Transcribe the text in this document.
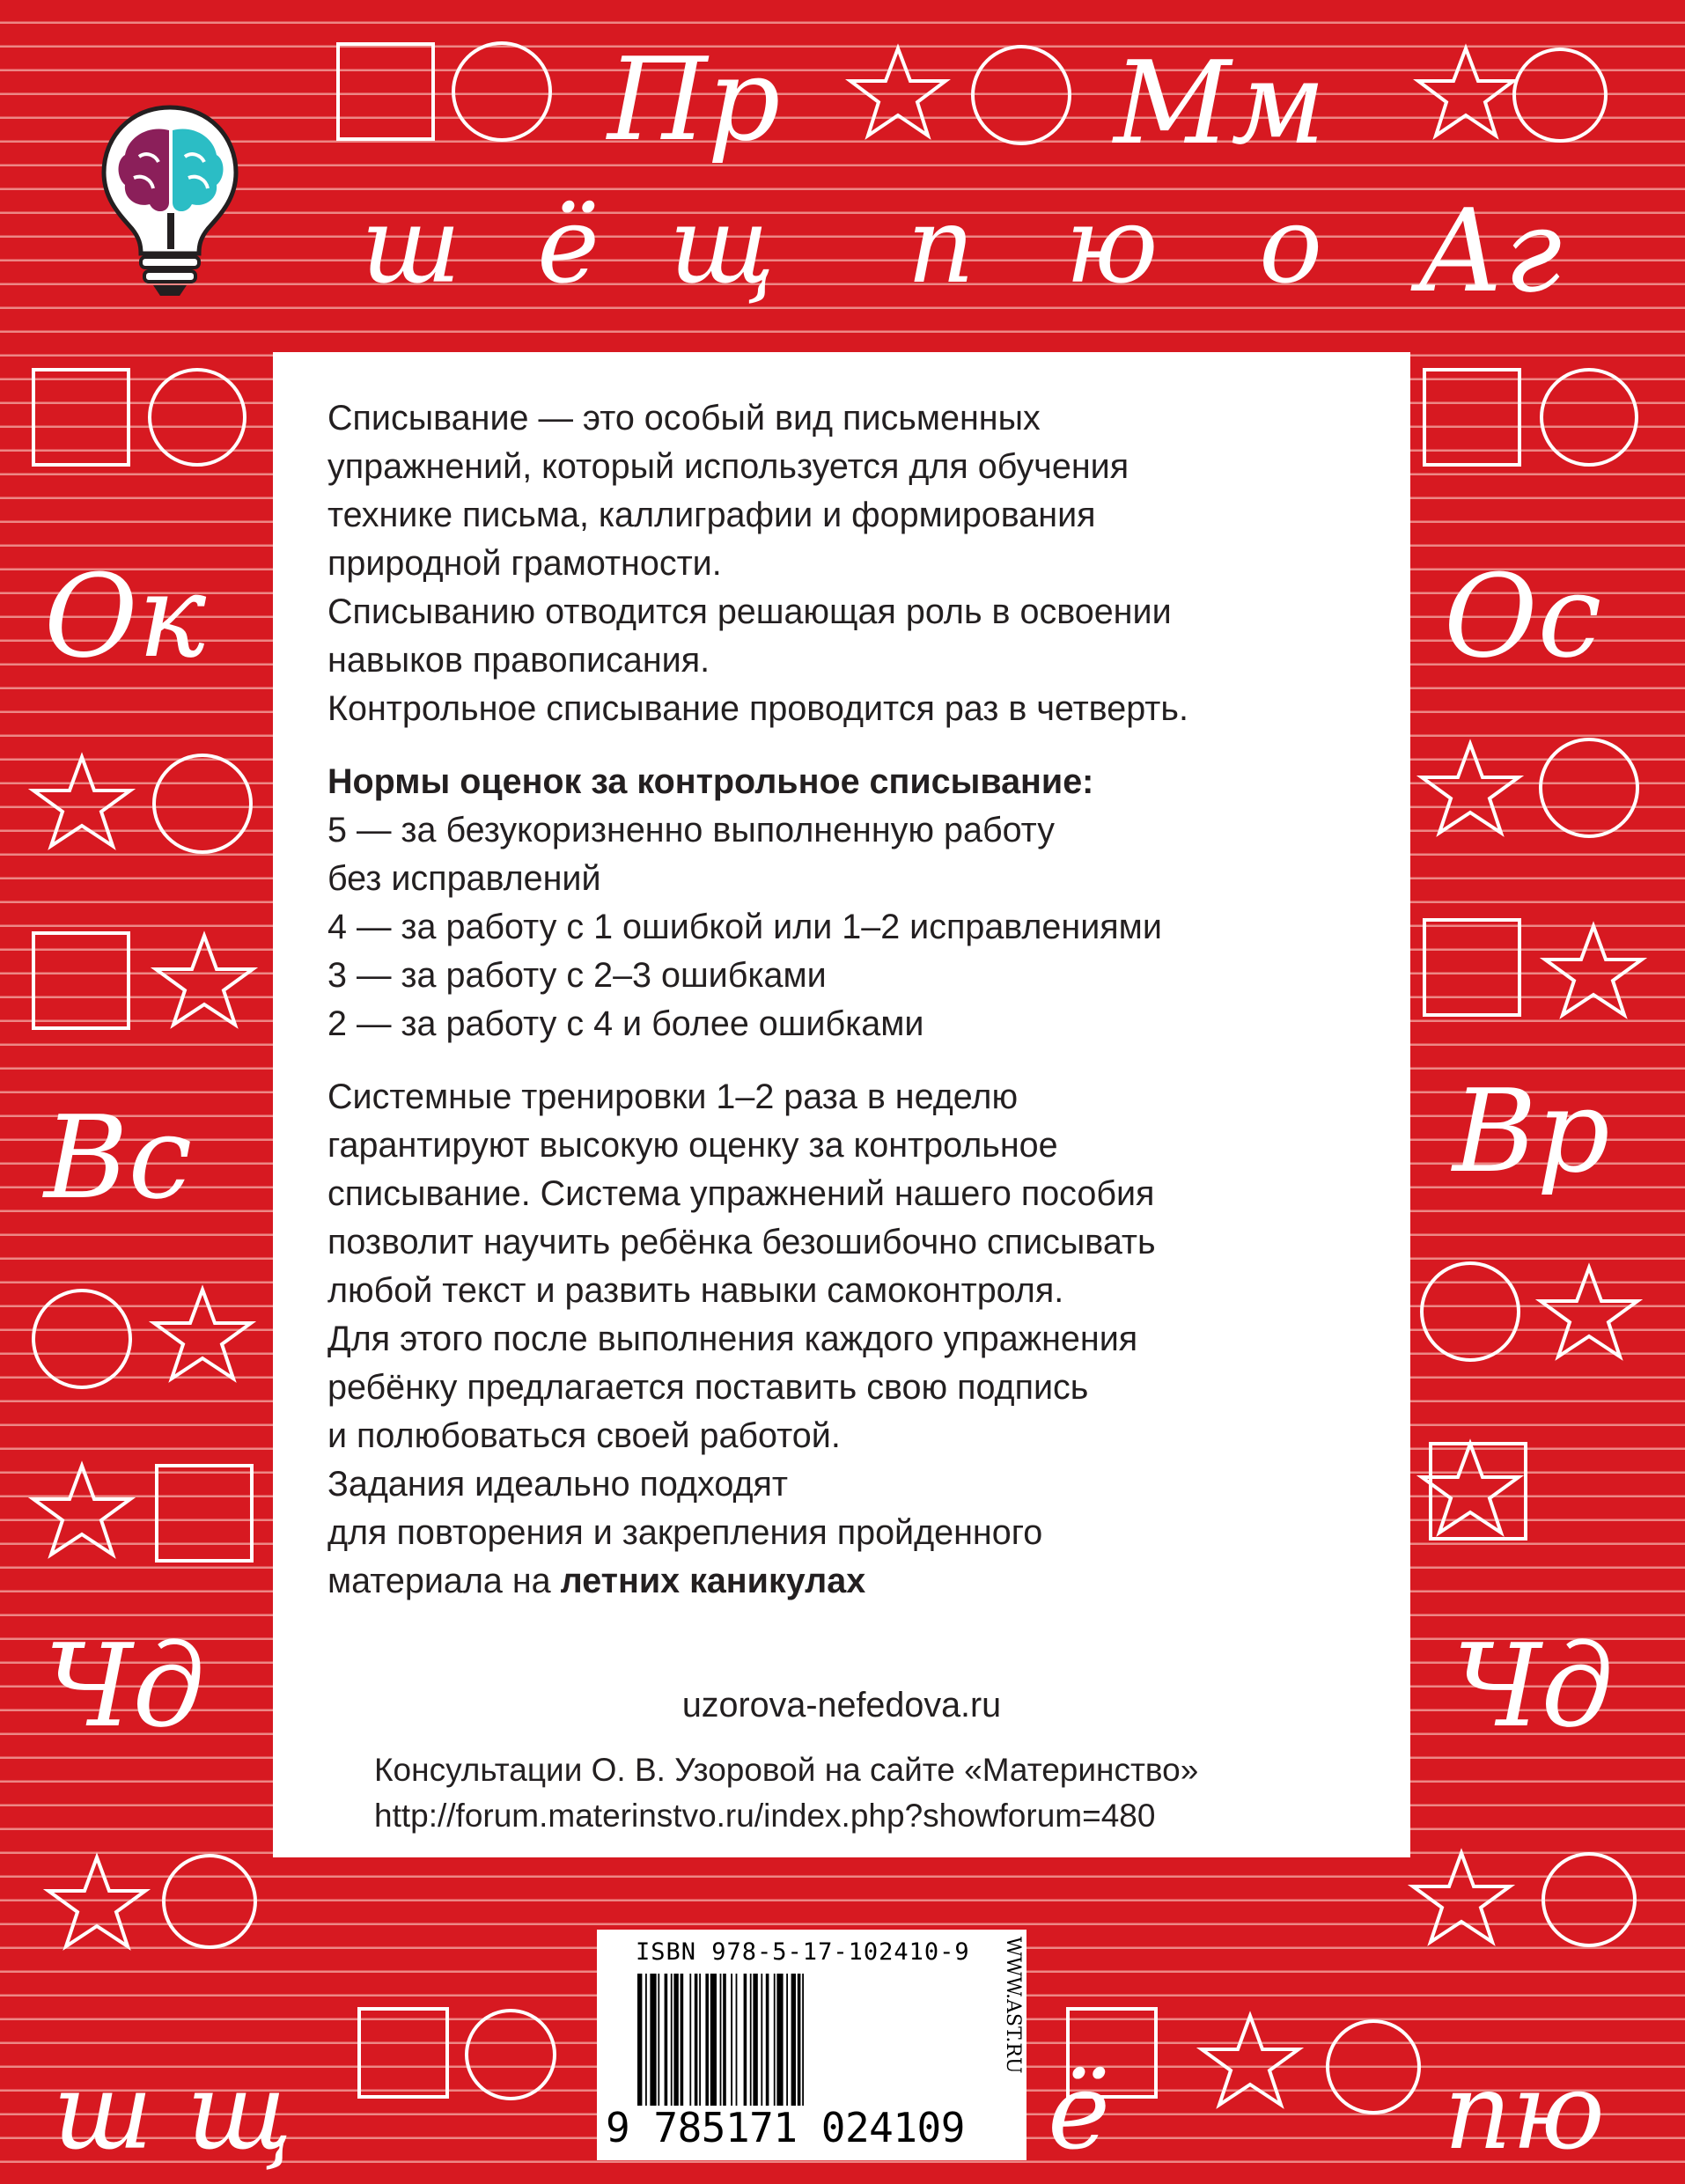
Пр	Мм
ш ё щ п ю о Аг
Ок
Вс
Чд
Ос
Вр
Чд
ш щ	ё	пю

Списывание — это особый вид письменных

упражнений, который используется для обучения

технике письма, каллиграфии и формирования

природной грамотности.

Списыванию отводится решающая роль в освоении

навыков правописания.

Контрольное списывание проводится раз в четверть.

Нормы оценок за контрольное списывание:

5 — за безукоризненно выполненную работу

без исправлений

4 — за работу с 1 ошибкой или 1–2 исправлениями

3 — за работу с 2–3 ошибками

2 — за работу с 4 и более ошибками

Системные тренировки 1–2 раза в неделю

гарантируют высокую оценку за контрольное

списывание. Система упражнений нашего пособия

позволит научить ребёнка безошибочно списывать

любой текст и развить навыки самоконтроля.

Для этого после выполнения каждого упражнения

ребёнку предлагается поставить свою подпись

и полюбоваться своей работой.

Задания идеально подходят

для повторения и закрепления пройденного

материала на летних каникулах

uzorova-nefedova.ru
Консультации О. В. Узоровой на сайте «Материнство»
http://forum.materinstvo.ru/index.php?showforum=480
ISBN 978-5-17-102410-9
9 785171 024109
WWW.AST.RU
